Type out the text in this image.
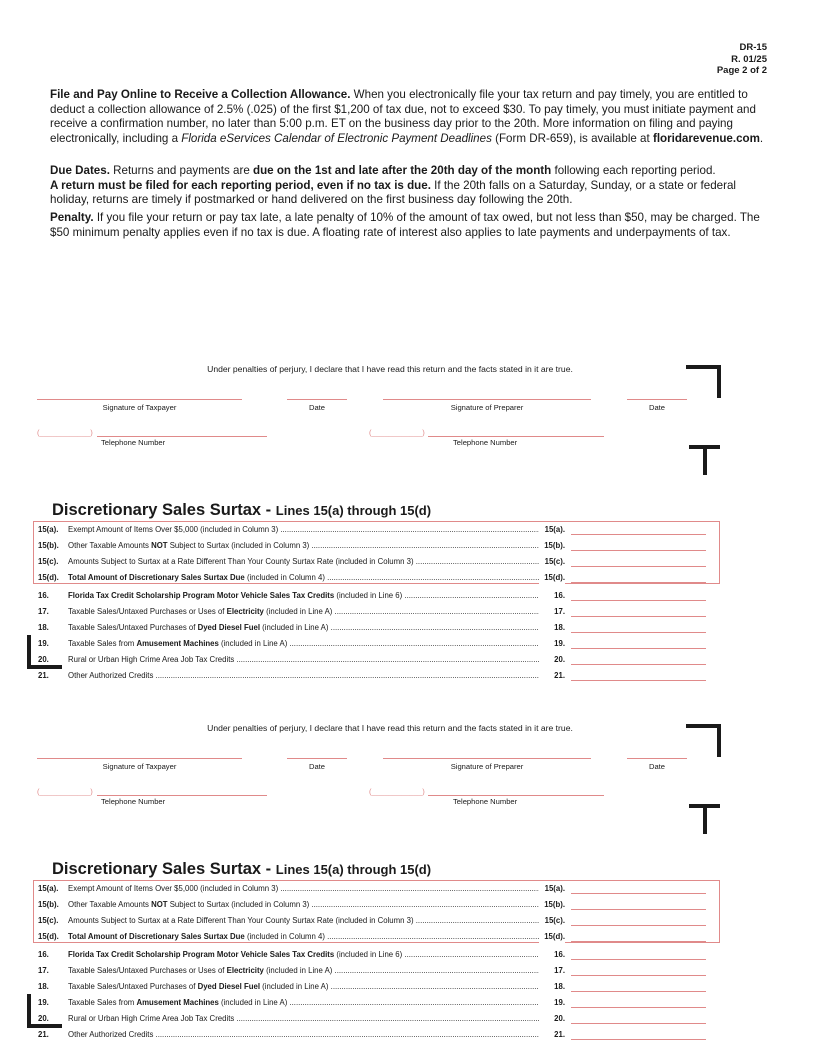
DR-15
R. 01/25
Page 2 of 2
File and Pay Online to Receive a Collection Allowance. When you electronically file your tax return and pay timely, you are entitled to deduct a collection allowance of 2.5% (.025) of the first $1,200 of tax due, not to exceed $30. To pay timely, you must initiate payment and receive a confirmation number, no later than 5:00 p.m. ET on the business day prior to the 20th. More information on filing and paying electronically, including a Florida eServices Calendar of Electronic Payment Deadlines (Form DR-659), is available at floridarevenue.com.
Due Dates. Returns and payments are due on the 1st and late after the 20th day of the month following each reporting period.
A return must be filed for each reporting period, even if no tax is due. If the 20th falls on a Saturday, Sunday, or a state or federal holiday, returns are timely if postmarked or hand delivered on the first business day following the 20th.
Penalty. If you file your return or pay tax late, a late penalty of 10% of the amount of tax owed, but not less than $50, may be charged. The $50 minimum penalty applies even if no tax is due. A floating rate of interest also applies to late payments and underpayments of tax.
Under penalties of perjury, I declare that I have read this return and the facts stated in it are true.
Signature of Taxpayer	Date	Signature of Preparer	Date
(____________)
Telephone Number
(____________)
Telephone Number
Discretionary Sales Surtax - Lines 15(a) through 15(d)
15(a). Exempt Amount of Items Over $5,000 (included in Column 3) .....	15(a).
15(b). Other Taxable Amounts NOT Subject to Surtax (included in Column 3) .....	15(b).
15(c). Amounts Subject to Surtax at a Rate Different Than Your County Surtax Rate (included in Column 3) .....	15(c).
15(d). Total Amount of Discretionary Sales Surtax Due (included in Column 4) .....	15(d).
16. Florida Tax Credit Scholarship Program Motor Vehicle Sales Tax Credits (included in Line 6) .....	16.
17. Taxable Sales/Untaxed Purchases or Uses of Electricity (included in Line A) .....	17.
18. Taxable Sales/Untaxed Purchases of Dyed Diesel Fuel (included in Line A) .....	18.
19. Taxable Sales from Amusement Machines (included in Line A) .....	19.
20. Rural or Urban High Crime Area Job Tax Credits .....	20.
21. Other Authorized Credits .....	21.
Under penalties of perjury, I declare that I have read this return and the facts stated in it are true.
Signature of Taxpayer	Date	Signature of Preparer	Date
(____________)
Telephone Number
(____________)
Telephone Number
Discretionary Sales Surtax - Lines 15(a) through 15(d)
15(a). Exempt Amount of Items Over $5,000 (included in Column 3) .....	15(a).
15(b). Other Taxable Amounts NOT Subject to Surtax (included in Column 3) .....	15(b).
15(c). Amounts Subject to Surtax at a Rate Different Than Your County Surtax Rate (included in Column 3) .....	15(c).
15(d). Total Amount of Discretionary Sales Surtax Due (included in Column 4) .....	15(d).
16. Florida Tax Credit Scholarship Program Motor Vehicle Sales Tax Credits (included in Line 6) .....	16.
17. Taxable Sales/Untaxed Purchases or Uses of Electricity (included in Line A) .....	17.
18. Taxable Sales/Untaxed Purchases of Dyed Diesel Fuel (included in Line A) .....	18.
19. Taxable Sales from Amusement Machines (included in Line A) .....	19.
20. Rural or Urban High Crime Area Job Tax Credits .....	20.
21. Other Authorized Credits .....	21.
